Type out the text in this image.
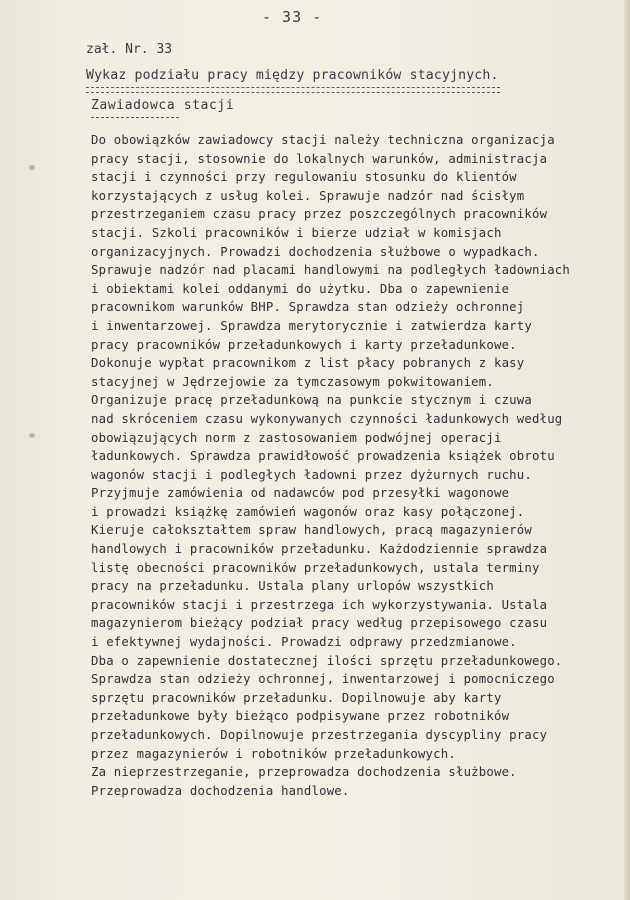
- 33 -
zał. Nr. 33
Wykaz podziału pracy między pracowników stacyjnych.
Zawiadowca stacji
Do obowiązków zawiadowcy stacji należy techniczna organizacja
pracy stacji, stosownie do lokalnych warunków, administracja
stacji i czynności przy regulowaniu stosunku do klientów
korzystających z usług kolei. Sprawuje nadzór nad ścisłym
przestrzeganiem czasu pracy przez poszczególnych pracowników
stacji. Szkoli pracowników i bierze udział w komisjach
organizacyjnych. Prowadzi dochodzenia służbowe o wypadkach.
Sprawuje nadzór nad placami handlowymi na podległych ładowniach
i obiektami kolei oddanymi do użytku. Dba o zapewnienie
pracownikom warunków BHP. Sprawdza stan odzieży ochronnej
i inwentarzowej. Sprawdza merytorycznie i zatwierdza karty
pracy pracowników przeładunkowych i karty przeładunkowe.
Dokonuje wypłat pracownikom z list płacy pobranych z kasy
stacyjnej w Jędrzejowie za tymczasowym pokwitowaniem.
Organizuje pracę przeładunkową na punkcie stycznym i czuwa
nad skróceniem czasu wykonywanych czynności ładunkowych według
obowiązujących norm z zastosowaniem podwójnej operacji
ładunkowych. Sprawdza prawidłowość prowadzenia książek obrotu
wagonów stacji i podległych ładowni przez dyżurnych ruchu.
Przyjmuje zamówienia od nadawców pod przesyłki wagonowe
i prowadzi książkę zamówień wagonów oraz kasy połączonej.
Kieruje całokształtem spraw handlowych, pracą magazynierów
handlowych i pracowników przeładunku. Każdodziennie sprawdza
listę obecności pracowników przeładunkowych, ustala terminy
pracy na przeładunku. Ustala plany urlopów wszystkich
pracowników stacji i przestrzega ich wykorzystywania. Ustala
magazynierom bieżący podział pracy według przepisowego czasu
i efektywnej wydajności. Prowadzi odprawy przedzmianowe.
Dba o zapewnienie dostatecznej ilości sprzętu przeładunkowego.
Sprawdza stan odzieży ochronnej, inwentarzowej i pomocniczego
sprzętu pracowników przeładunku. Dopilnowuje aby karty
przeładunkowe były bieżąco podpisywane przez robotników
przeładunkowych. Dopilnowuje przestrzegania dyscypliny pracy
przez magazynierów i robotników przeładunkowych.
Za nieprzestrzeganie, przeprowadza dochodzenia służbowe.
Przeprowadza dochodzenia handlowe.
